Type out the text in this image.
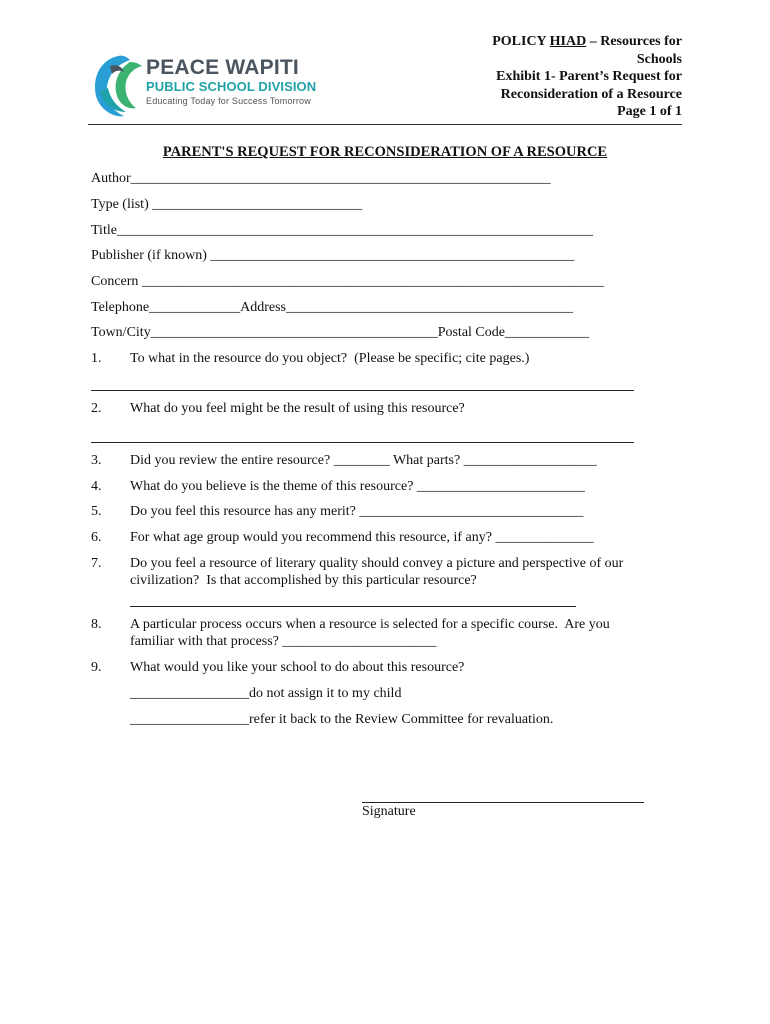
PEACE WAPITI
PUBLIC SCHOOL DIVISION
Educating Today for Success Tomorrow
POLICY HIAD – Resources for
Schools
Exhibit 1- Parent’s Request for
Reconsideration of a Resource
Page 1 of 1
PARENT'S REQUEST FOR RECONSIDERATION OF A RESOURCE
Author____________________________________________________________
Type (list) ______________________________
Title____________________________________________________________________
Publisher (if known) ____________________________________________________
Concern __________________________________________________________________
Telephone_____________Address_________________________________________
Town/City_________________________________________Postal Code____________
1. To what in the resource do you object?  (Please be specific; cite pages.)
2. What do you feel might be the result of using this resource?
3. Did you review the entire resource? ________ What parts? ___________________
4. What do you believe is the theme of this resource? ________________________
5. Do you feel this resource has any merit? ________________________________
6. For what age group would you recommend this resource, if any? ______________
7. Do you feel a resource of literary quality should convey a picture and perspective of our
civilization?  Is that accomplished by this particular resource?
8. A particular process occurs when a resource is selected for a specific course.  Are you
familiar with that process? ______________________
9. What would you like your school to do about this resource?
_________________do not assign it to my child
_________________refer it back to the Review Committee for revaluation.
Signature
